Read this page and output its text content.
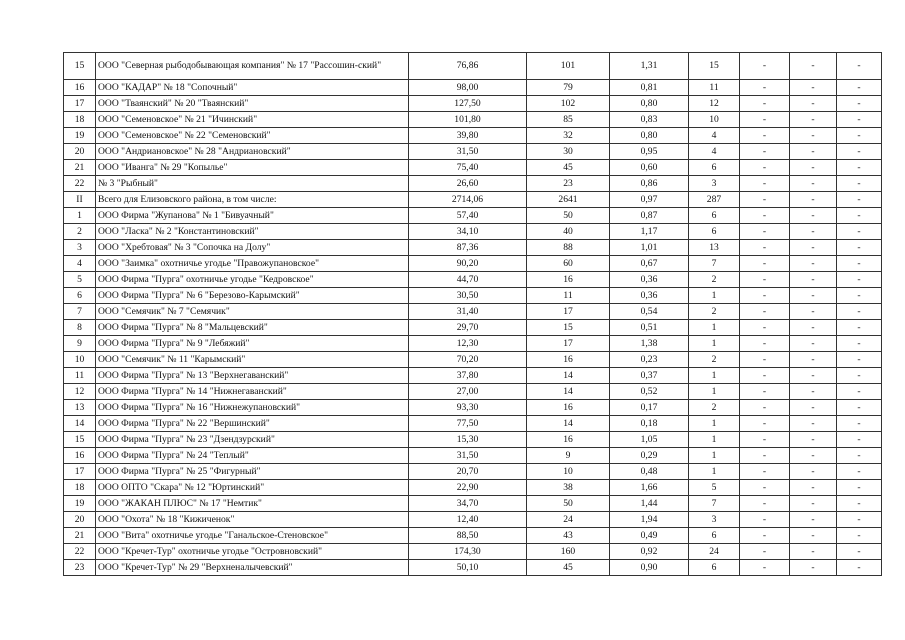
15	ООО "Северная рыбодобывающая компания" № 17 "Рассошин-ский"	76,86	101	1,31	15	-	-	-
16	ООО "КАДАР" № 18 "Сопочный"	98,00	79	0,81	11	-	-	-
17	ООО "Тваянский" № 20 "Тваянский"	127,50	102	0,80	12	-	-	-
18	ООО "Семеновское" № 21 "Ичинский"	101,80	85	0,83	10	-	-	-
19	ООО "Семеновское" № 22 "Семеновский"	39,80	32	0,80	4	-	-	-
20	ООО "Андриановское" № 28 "Андриановский"	31,50	30	0,95	4	-	-	-
21	ООО "Иванга" № 29 "Копылье"	75,40	45	0,60	6	-	-	-
22	№ 3 "Рыбный"	26,60	23	0,86	3	-	-	-
II	Всего для Елизовского района, в том числе:	2714,06	2641	0,97	287	-	-	-
1	ООО Фирма "Жупанова" № 1 "Бивуачный"	57,40	50	0,87	6	-	-	-
2	ООО "Ласка" № 2 "Константиновский"	34,10	40	1,17	6	-	-	-
3	ООО "Хребтовая" № 3 "Сопочка на Долу"	87,36	88	1,01	13	-	-	-
4	ООО "Заимка" охотничье угодье "Правожупановское"	90,20	60	0,67	7	-	-	-
5	ООО Фирма "Пурга" охотничье угодье "Кедровское"	44,70	16	0,36	2	-	-	-
6	ООО Фирма "Пурга" № 6 "Березово-Карымский"	30,50	11	0,36	1	-	-	-
7	ООО "Семячик" № 7 "Семячик"	31,40	17	0,54	2	-	-	-
8	ООО Фирма "Пурга" № 8 "Мальцевский"	29,70	15	0,51	1	-	-	-
9	ООО Фирма "Пурга" № 9 "Лебяжий"	12,30	17	1,38	1	-	-	-
10	ООО "Семячик" № 11 "Карымский"	70,20	16	0,23	2	-	-	-
11	ООО Фирма "Пурга" № 13 "Верхнегаванский"	37,80	14	0,37	1	-	-	-
12	ООО Фирма "Пурга" № 14 "Нижнегаванский"	27,00	14	0,52	1	-	-	-
13	ООО Фирма "Пурга" № 16 "Нижнежупановский"	93,30	16	0,17	2	-	-	-
14	ООО Фирма "Пурга" № 22 "Вершинский"	77,50	14	0,18	1	-	-	-
15	ООО Фирма "Пурга" № 23 "Дзендзурский"	15,30	16	1,05	1	-	-	-
16	ООО Фирма "Пурга" № 24 "Теплый"	31,50	9	0,29	1	-	-	-
17	ООО Фирма "Пурга" № 25 "Фигурный"	20,70	10	0,48	1	-	-	-
18	ООО ОПТО "Скара" № 12 "Юртинский"	22,90	38	1,66	5	-	-	-
19	ООО "ЖАКАН ПЛЮС" № 17 "Немтик"	34,70	50	1,44	7	-	-	-
20	ООО "Охота" № 18 "Кижиченок"	12,40	24	1,94	3	-	-	-
21	ООО "Вита" охотничье угодье "Ганальское-Стеновское"	88,50	43	0,49	6	-	-	-
22	ООО "Кречет-Тур" охотничье угодье "Островновский"	174,30	160	0,92	24	-	-	-
23	ООО "Кречет-Тур" № 29 "Верхненалычевский"	50,10	45	0,90	6	-	-	-
